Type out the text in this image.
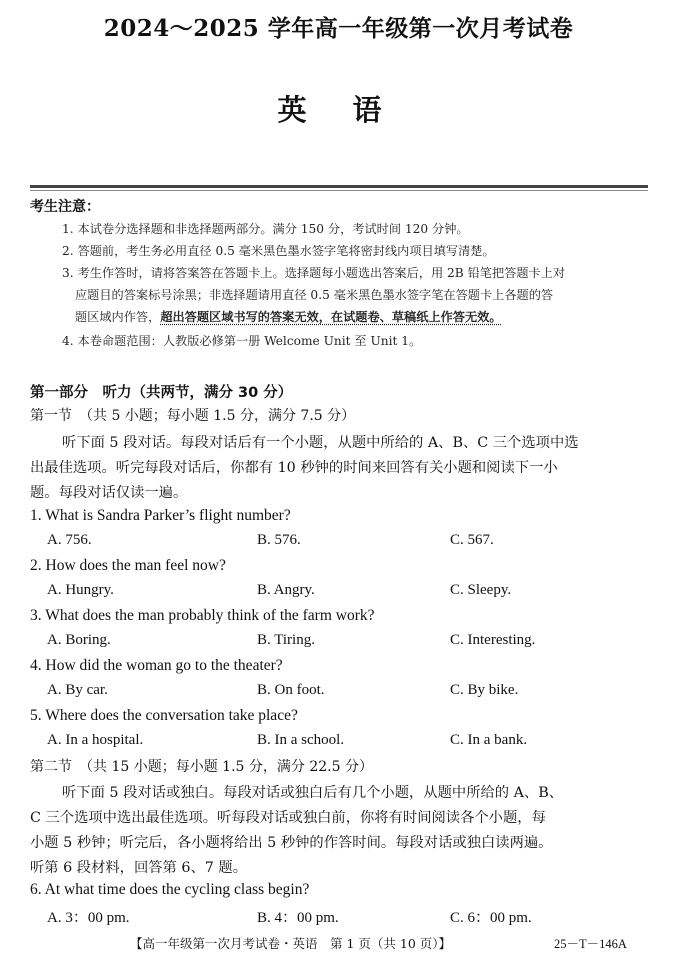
2024～2025 学年高一年级第一次月考试卷
英 语
考生注意：
1. 本试卷分选择题和非选择题两部分。满分 150 分，考试时间 120 分钟。
2. 答题前，考生务必用直径 0.5 毫米黑色墨水签字笔将密封线内项目填写清楚。
3. 考生作答时，请将答案答在答题卡上。选择题每小题选出答案后，用 2B 铅笔把答题卡上对
应题目的答案标号涂黑；非选择题请用直径 0.5 毫米黑色墨水签字笔在答题卡上各题的答
题区域内作答，超出答题区域书写的答案无效，在试题卷、草稿纸上作答无效。
4. 本卷命题范围：人教版必修第一册 Welcome Unit 至 Unit 1。
第一部分　听力（共两节，满分 30 分）
第一节　（共 5 小题；每小题 1.5 分，满分 7.5 分）
听下面 5 段对话。每段对话后有一个小题，从题中所给的 A、B、C 三个选项中选
出最佳选项。听完每段对话后，你都有 10 秒钟的时间来回答有关小题和阅读下一小
题。每段对话仅读一遍。
1. What is Sandra Parker’s flight number?
A. 756.	B. 576.	C. 567.
2. How does the man feel now?
A. Hungry.	B. Angry.	C. Sleepy.
3. What does the man probably think of the farm work?
A. Boring.	B. Tiring.	C. Interesting.
4. How did the woman go to the theater?
A. By car.	B. On foot.	C. By bike.
5. Where does the conversation take place?
A. In a hospital.	B. In a school.	C. In a bank.
第二节　（共 15 小题；每小题 1.5 分，满分 22.5 分）
听下面 5 段对话或独白。每段对话或独白后有几个小题，从题中所给的 A、B、
C 三个选项中选出最佳选项。听每段对话或独白前，你将有时间阅读各个小题，每
小题 5 秒钟；听完后，各小题将给出 5 秒钟的作答时间。每段对话或独白读两遍。
听第 6 段材料，回答第 6、7 题。
6. At what time does the cycling class begin?
A. 3：00 pm.	B. 4：00 pm.	C. 6：00 pm.
【高一年级第一次月考试卷・英语　第 1 页（共 10 页）】	25－T－146A
